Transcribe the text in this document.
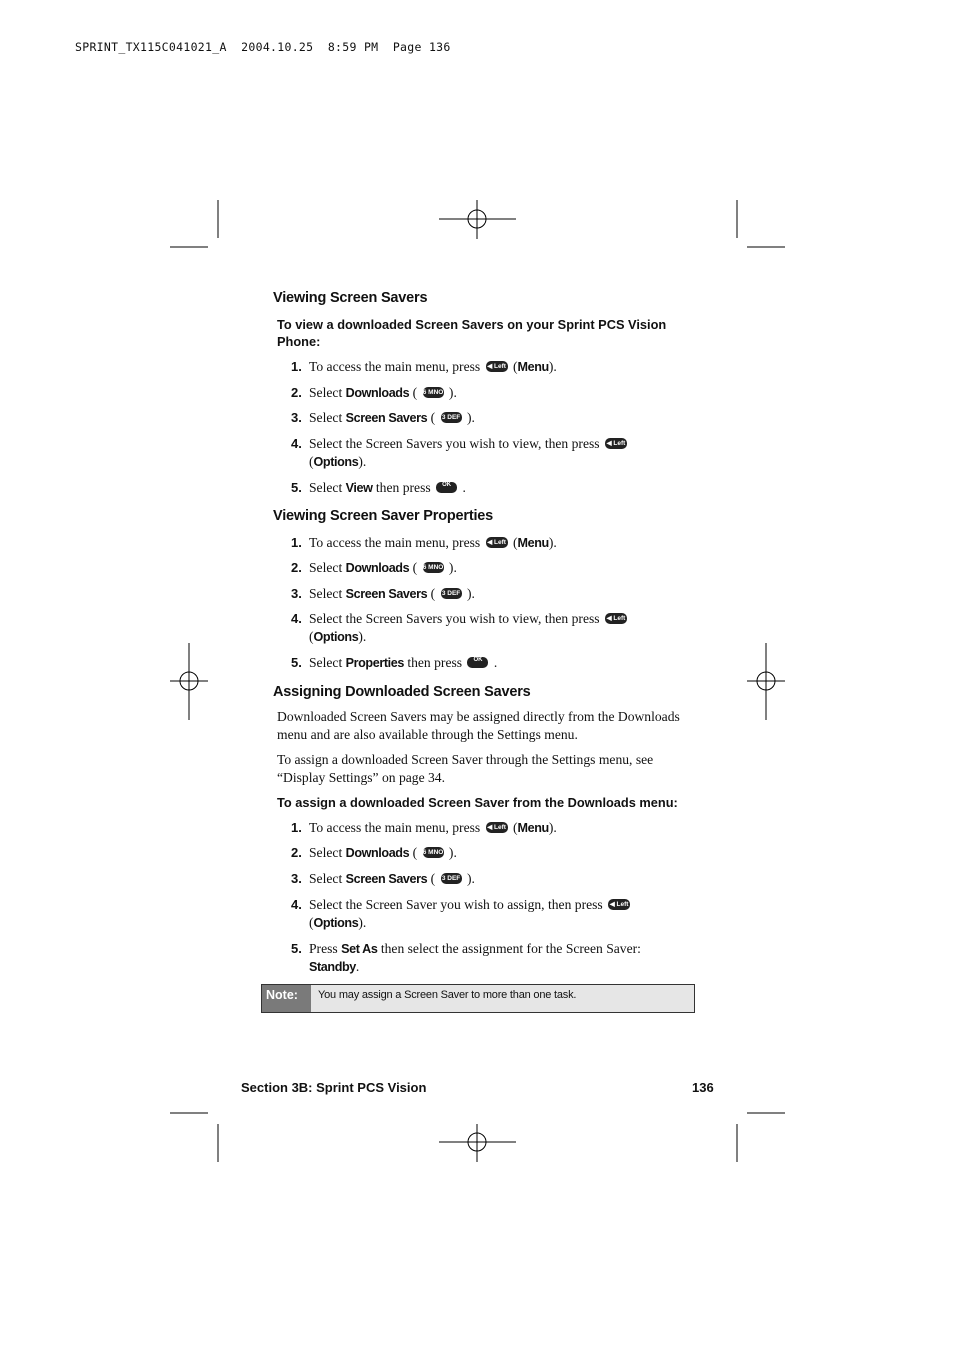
SPRINT_TX115C041021_A  2004.10.25  8:59 PM  Page 136
Viewing Screen Savers
To view a downloaded Screen Savers on your Sprint PCS Vision Phone:
1. To access the main menu, press ◀ Left (Menu).
2. Select Downloads ( 6 MNO ).
3. Select Screen Savers ( 3 DEF ).
4. Select the Screen Savers you wish to view, then press ◀ Left
(Options).
5. Select View then press OK .
Viewing Screen Saver Properties
1. To access the main menu, press ◀ Left (Menu).
2. Select Downloads ( 6 MNO ).
3. Select Screen Savers ( 3 DEF ).
4. Select the Screen Savers you wish to view, then press ◀ Left
(Options).
5. Select Properties then press OK .
Assigning Downloaded Screen Savers
Downloaded Screen Savers may be assigned directly from the Downloads menu and are also available through the Settings menu.
To assign a downloaded Screen Saver through the Settings menu, see “Display Settings” on page 34.
To assign a downloaded Screen Saver from the Downloads menu:
1. To access the main menu, press ◀ Left (Menu).
2. Select Downloads ( 6 MNO ).
3. Select Screen Savers ( 3 DEF ).
4. Select the Screen Saver you wish to assign, then press ◀ Left
(Options).
5. Press Set As then select the assignment for the Screen Saver:
Standby.
Note:	You may assign a Screen Saver to more than one task.
Section 3B: Sprint PCS Vision	136
